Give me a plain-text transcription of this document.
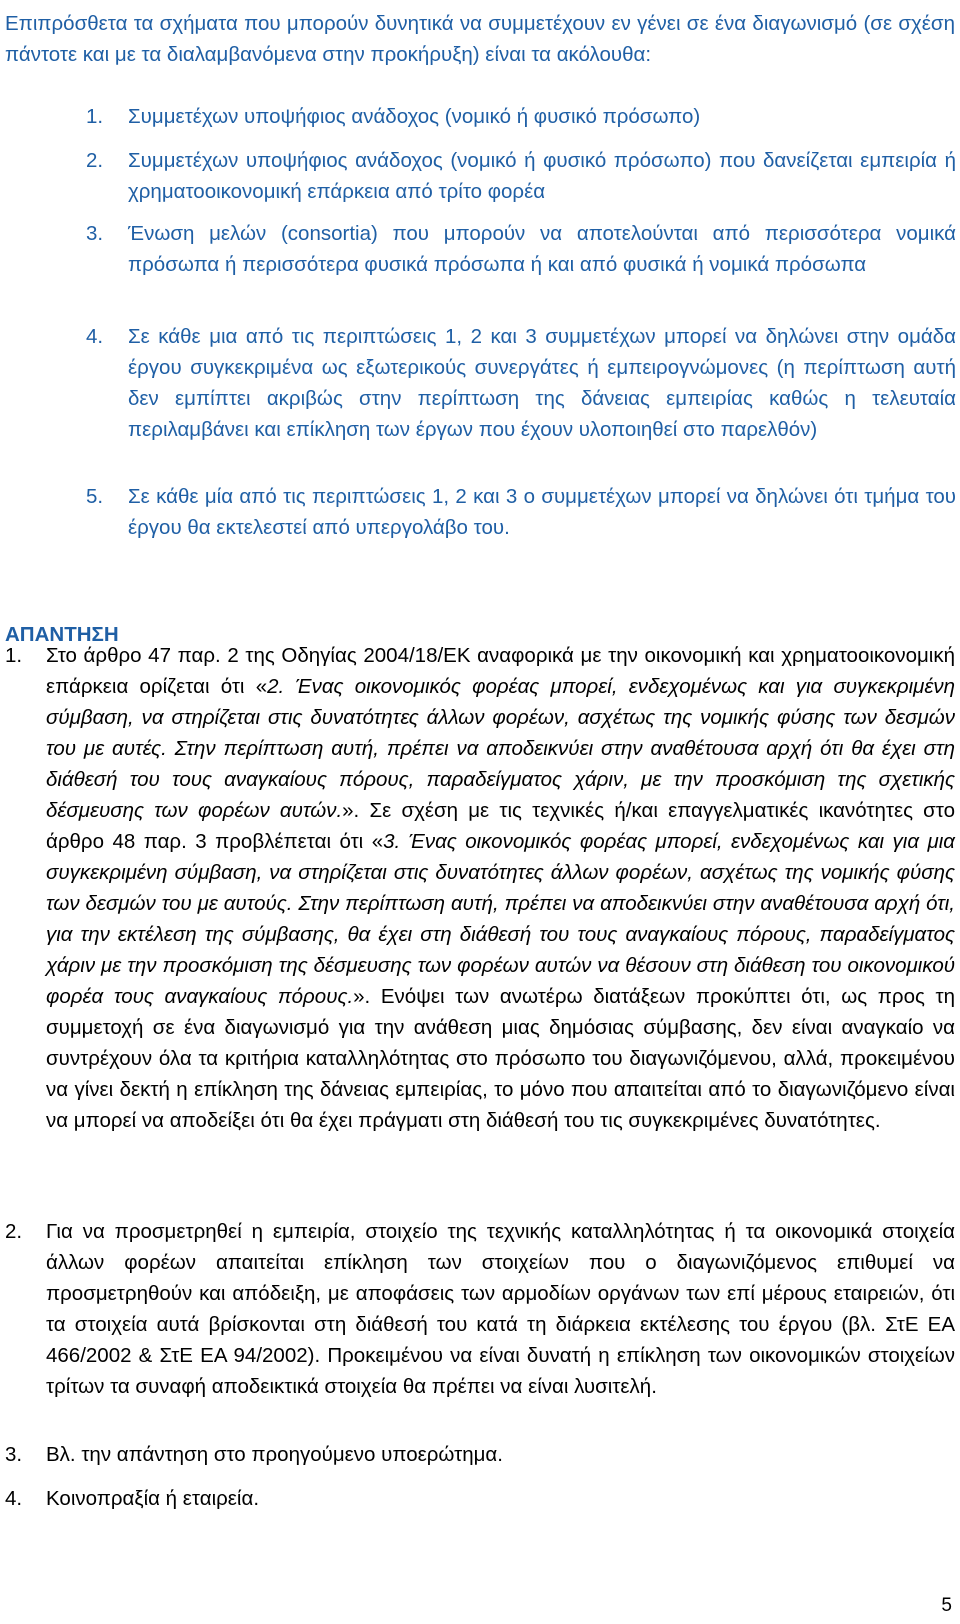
Επιπρόσθετα τα σχήματα που μπορούν δυνητικά να συμμετέχουν εν γένει σε ένα διαγωνισμό (σε σχέση πάντοτε και με τα διαλαμβανόμενα στην προκήρυξη) είναι τα ακόλουθα:
1.	Συμμετέχων υποψήφιος ανάδοχος (νομικό ή φυσικό πρόσωπο)
2.	Συμμετέχων υποψήφιος ανάδοχος (νομικό ή φυσικό πρόσωπο) που δανείζεται εμπειρία ή χρηματοοικονομική επάρκεια από τρίτο φορέα
3.	Ένωση μελών (consortia) που μπορούν να αποτελούνται από περισσότερα νομικά πρόσωπα ή περισσότερα φυσικά πρόσωπα ή και από φυσικά ή νομικά πρόσωπα
4.	Σε κάθε μια από τις περιπτώσεις 1, 2 και 3 συμμετέχων μπορεί να δηλώνει στην ομάδα έργου συγκεκριμένα ως εξωτερικούς συνεργάτες ή εμπειρογνώμονες (η περίπτωση αυτή δεν εμπίπτει ακριβώς στην περίπτωση της δάνειας εμπειρίας καθώς η τελευταία περιλαμβάνει και επίκληση των έργων που έχουν υλοποιηθεί στο παρελθόν)
5.	Σε κάθε μία από τις περιπτώσεις 1, 2 και 3 ο συμμετέχων μπορεί να δηλώνει ότι τμήμα του έργου θα εκτελεστεί από υπεργολάβο του.
ΑΠΑΝΤΗΣΗ
1.	Στο άρθρο 47 παρ. 2 της Οδηγίας 2004/18/ΕΚ αναφορικά με την οικονομική και χρηματοοικονομική επάρκεια ορίζεται ότι «2. Ένας οικονομικός φορέας μπορεί, ενδεχομένως και για συγκεκριμένη σύμβαση, να στηρίζεται στις δυνατότητες άλλων φορέων, ασχέτως της νομικής φύσης των δεσμών του με αυτές. Στην περίπτωση αυτή, πρέπει να αποδεικνύει στην αναθέτουσα αρχή ότι θα έχει στη διάθεσή του τους αναγκαίους πόρους, παραδείγματος χάριν, με την προσκόμιση της σχετικής δέσμευσης των φορέων αυτών.». Σε σχέση με τις τεχνικές ή/και επαγγελματικές ικανότητες στο άρθρο 48 παρ. 3 προβλέπεται ότι «3. Ένας οικονομικός φορέας μπορεί, ενδεχομένως και για μια συγκεκριμένη σύμβαση, να στηρίζεται στις δυνατότητες άλλων φορέων, ασχέτως της νομικής φύσης των δεσμών του με αυτούς. Στην περίπτωση αυτή, πρέπει να αποδεικνύει στην αναθέτουσα αρχή ότι, για την εκτέλεση της σύμβασης, θα έχει στη διάθεσή του τους αναγκαίους πόρους, παραδείγματος χάριν με την προσκόμιση της δέσμευσης των φορέων αυτών να θέσουν στη διάθεση του οικονομικού φορέα τους αναγκαίους πόρους.». Ενόψει των ανωτέρω διατάξεων προκύπτει ότι, ως προς τη συμμετοχή σε ένα διαγωνισμό για την ανάθεση μιας δημόσιας σύμβασης, δεν είναι αναγκαίο να συντρέχουν όλα τα κριτήρια καταλληλότητας στο πρόσωπο του διαγωνιζόμενου, αλλά, προκειμένου να γίνει δεκτή η επίκληση της δάνειας εμπειρίας, το μόνο που απαιτείται από το διαγωνιζόμενο είναι να μπορεί να αποδείξει ότι θα έχει πράγματι στη διάθεσή του τις συγκεκριμένες δυνατότητες.
2.	Για να προσμετρηθεί η εμπειρία, στοιχείο της τεχνικής καταλληλότητας ή τα οικονομικά στοιχεία άλλων φορέων απαιτείται επίκληση των στοιχείων που ο διαγωνιζόμενος επιθυμεί να προσμετρηθούν και απόδειξη, με αποφάσεις των αρμοδίων οργάνων των επί μέρους εταιρειών, ότι τα στοιχεία αυτά βρίσκονται στη διάθεσή του κατά τη διάρκεια εκτέλεσης του έργου (βλ. ΣτΕ ΕΑ 466/2002 & ΣτΕ ΕΑ 94/2002). Προκειμένου να είναι δυνατή η επίκληση των οικονομικών στοιχείων τρίτων τα συναφή αποδεικτικά στοιχεία θα πρέπει να είναι λυσιτελή.
3.	Βλ. την απάντηση στο προηγούμενο υποερώτημα.
4.	Κοινοπραξία ή εταιρεία.
5
